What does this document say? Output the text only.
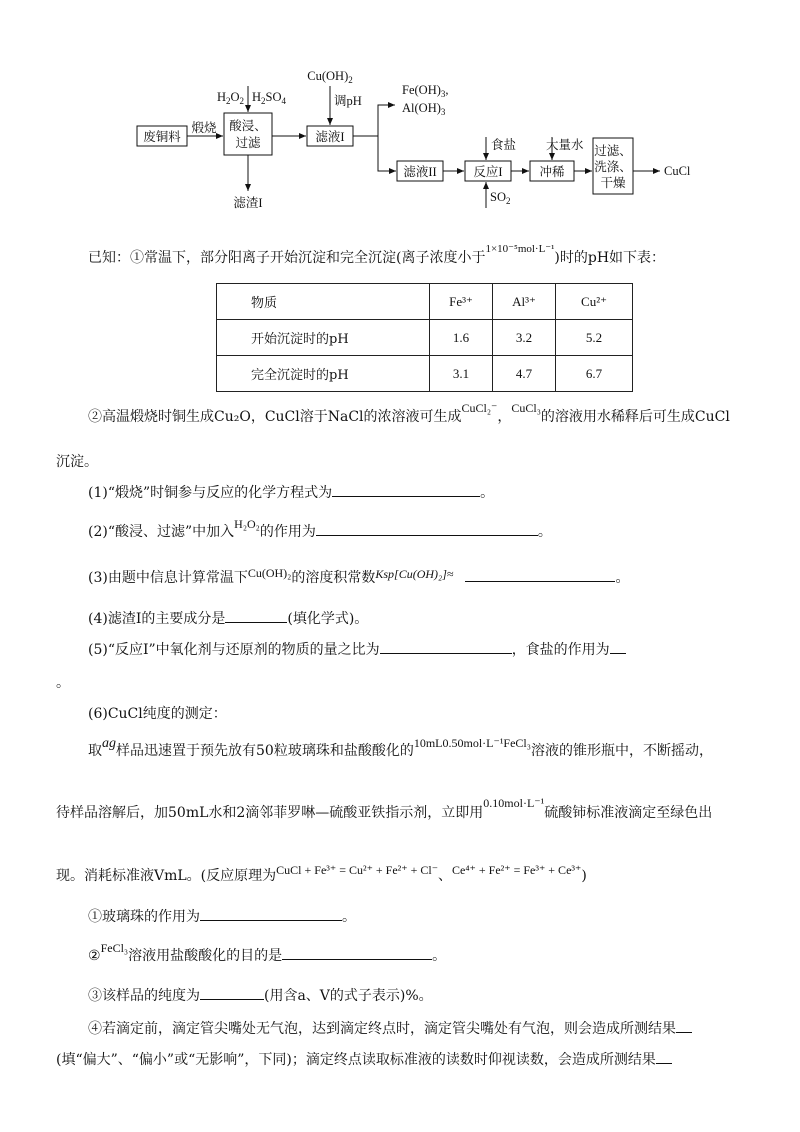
废铜料
煅烧 酸浸、
过滤
$H_2O_2$ $H_2SO_4$
滤渣I
$Cu(OH)_2$
调pH
滤液I
$Fe(OH)_3$,
$Al(OH)_3$
滤液II
食盐
反应I
$SO_2$
大量水
冲稀
过滤、
洗涤、
干燥
CuCl
已知：①常温下，部分阳离子开始沉淀和完全沉淀(离子浓度小于$^{1\times 10^{-5}mol\cdot L^{-1}}$)时的pH如下表：
物质	Fe³⁺	Al³⁺	Cu²⁺
开始沉淀时的pH	1.6	3.2	5.2
完全沉淀时的pH	3.1	4.7	6.7
②高温煅烧时铜生成Cu₂O，CuCl溶于NaCl的浓溶液可生成CuCl₂⁻，CuCl₃的溶液用水稀释后可生成CuCl
沉淀。
(1)“煅烧”时铜参与反应的化学方程式为	。
(2)“酸浸、过滤”中加入H₂O₂的作用为	。
(3)由题中信息计算常温下Cu(OH)₂的溶度积常数Ksp[Cu(OH)₂]≈	。
(4)滤渣I的主要成分是	(填化学式)。
(5)“反应I”中氧化剂与还原剂的物质的量之比为	，食盐的作用为
。
(6)CuCl纯度的测定：
取ag样品迅速置于预先放有50粒玻璃珠和盐酸酸化的10mL0.50mol·L⁻¹FeCl₃溶液的锥形瓶中，不断摇动，
待样品溶解后，加50mL水和2滴邻菲罗啉—硫酸亚铁指示剂，立即用0.10mol·L⁻¹硫酸铈标准液滴定至绿色出
现。消耗标准液VmL。(反应原理为CuCl + Fe³⁺ = Cu²⁺ + Fe²⁺ + Cl⁻、Ce⁴⁺ + Fe²⁺ = Fe³⁺ + Ce³⁺)
①玻璃珠的作用为	。
②FeCl₃溶液用盐酸酸化的目的是	。
③该样品的纯度为	(用含a、V的式子表示)%。
④若滴定前，滴定管尖嘴处无气泡，达到滴定终点时，滴定管尖嘴处有气泡，则会造成所测结果
(填“偏大”、“偏小”或“无影响”，下同)；滴定终点读取标准液的读数时仰视读数，会造成所测结果
